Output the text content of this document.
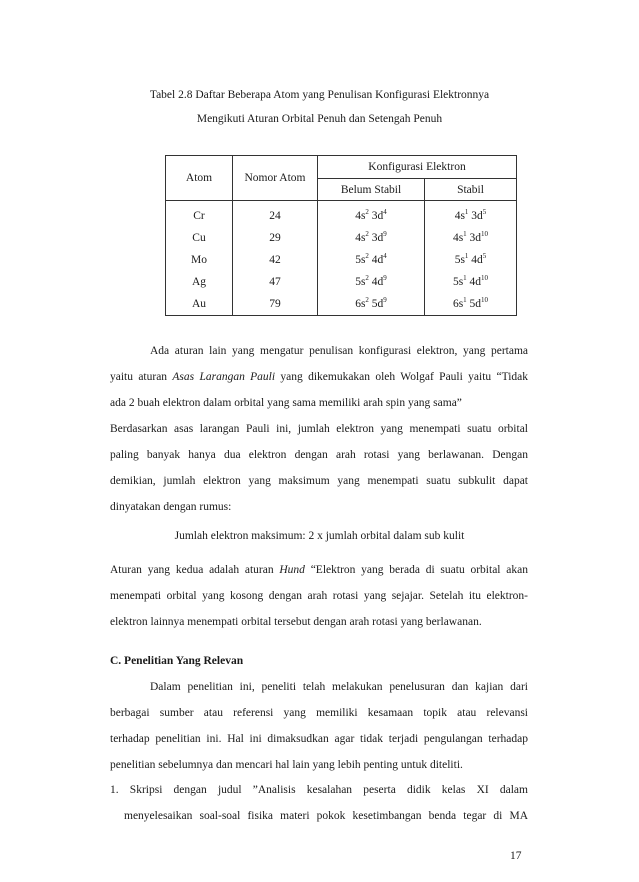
Tabel 2.8 Daftar Beberapa Atom yang Penulisan Konfigurasi Elektronnya
Mengikuti Aturan Orbital Penuh dan Setengah Penuh
Atom	Nomor Atom	Konfigurasi Elektron	
		Belum Stabil	Stabil
Cr	24	$4s^2$ $3d^4$	$4s^1$ $3d^5$
Cu	29	$4s^2$ $3d^9$	$4s^1$ $3d^{10}$
Mo	42	$5s^2$ $4d^4$	$5s^1$ $4d^5$
Ag	47	$5s^2$ $4d^9$	$5s^1$ $4d^{10}$
Au	79	$6s^2$ $5d^9$	$6s^1$ $5d^{10}$
Ada aturan lain yang mengatur penulisan konfigurasi elektron, yang pertama
yaitu aturan Asas Larangan Pauli yang dikemukakan oleh Wolgaf Pauli yaitu “Tidak
ada 2 buah elektron dalam orbital yang sama memiliki arah spin yang sama”
Berdasarkan asas larangan Pauli ini, jumlah elektron yang menempati suatu orbital
paling banyak hanya dua elektron dengan arah rotasi yang berlawanan. Dengan
demikian, jumlah elektron yang maksimum yang menempati suatu subkulit dapat
dinyatakan dengan rumus:
Jumlah elektron maksimum: 2 x jumlah orbital dalam sub kulit
Aturan yang kedua adalah aturan Hund “Elektron yang berada di suatu orbital akan
menempati orbital yang kosong dengan arah rotasi yang sejajar. Setelah itu elektron-
elektron lainnya menempati orbital tersebut dengan arah rotasi yang berlawanan.
C. Penelitian Yang Relevan
Dalam penelitian ini, peneliti telah melakukan penelusuran dan kajian dari
berbagai sumber atau referensi yang memiliki kesamaan topik atau relevansi
terhadap penelitian ini. Hal ini dimaksudkan agar tidak terjadi pengulangan terhadap
penelitian sebelumnya dan mencari hal lain yang lebih penting untuk diteliti.
1. Skripsi dengan judul ”Analisis kesalahan peserta didik kelas XI dalam
menyelesaikan soal-soal fisika materi pokok kesetimbangan benda tegar di MA
17
